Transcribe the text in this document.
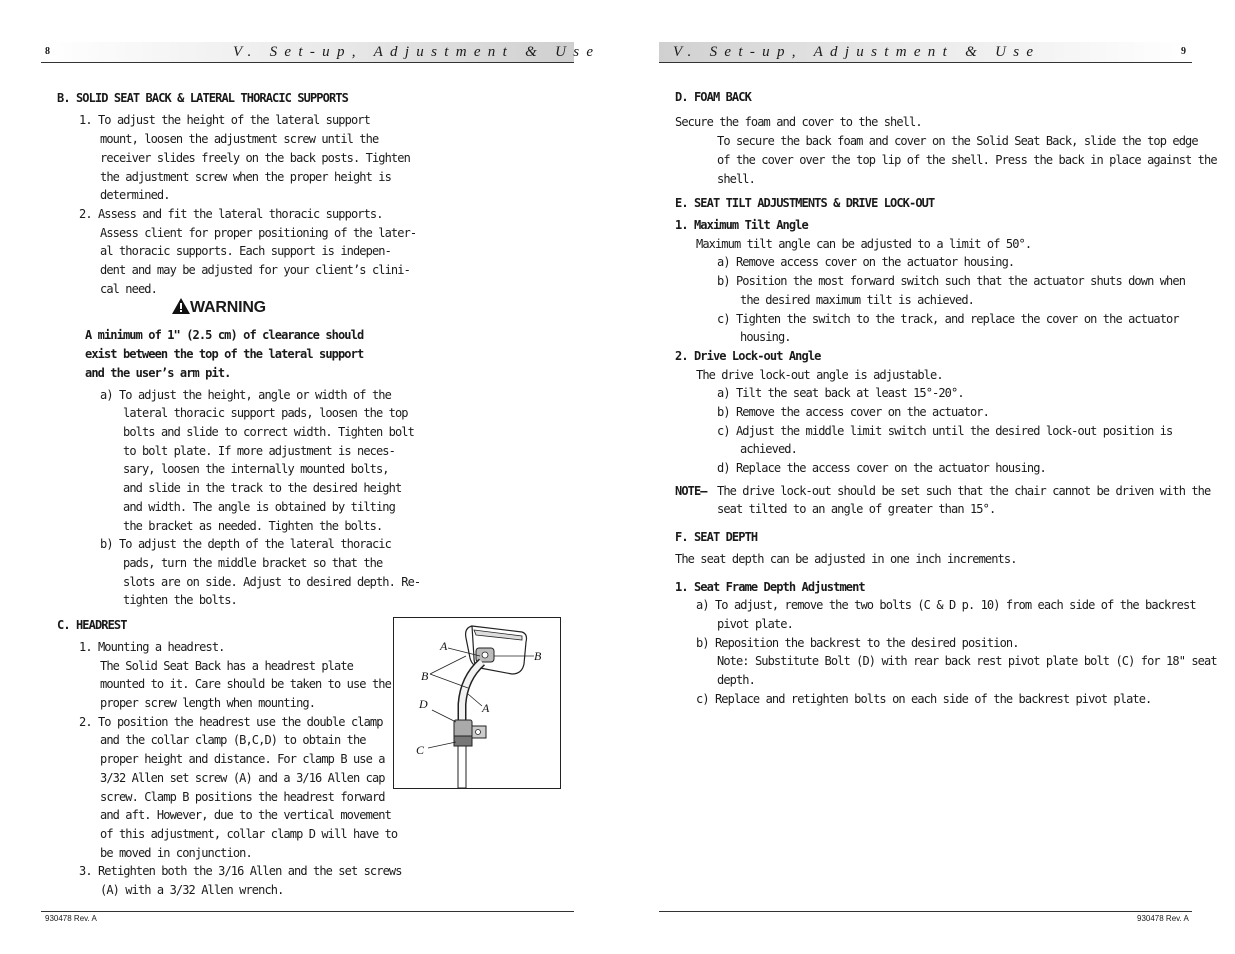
8	V. Set-up, Adjustment & Use	V. Set-up, Adjustment & Use	9
B. SOLID SEAT BACK & LATERAL THORACIC SUPPORTS
1. To adjust the height of the lateral support
mount, loosen the adjustment screw until the
receiver slides freely on the back posts. Tighten
the adjustment screw when the proper height is
determined.
2. Assess and fit the lateral thoracic supports.
Assess client for proper positioning of the later-
al thoracic supports. Each support is indepen-
dent and may be adjusted for your client’s clini-
cal need.
A minimum of 1" (2.5 cm) of clearance should
exist between the top of the lateral support
and the user’s arm pit.
a) To adjust the height, angle or width of the
lateral thoracic support pads, loosen the top
bolts and slide to correct width. Tighten bolt
to bolt plate. If more adjustment is neces-
sary, loosen the internally mounted bolts,
and slide in the track to the desired height
and width. The angle is obtained by tilting
the bracket as needed. Tighten the bolts.
b) To adjust the depth of the lateral thoracic
pads, turn the middle bracket so that the
slots are on side. Adjust to desired depth. Re-
tighten the bolts.
C. HEADREST
1. Mounting a headrest.
The Solid Seat Back has a headrest plate
mounted to it. Care should be taken to use the
proper screw length when mounting.
2. To position the headrest use the double clamp
and the collar clamp (B,C,D) to obtain the
proper height and distance. For clamp B use a
3/32 Allen set screw (A) and a 3/16 Allen cap
screw. Clamp B positions the headrest forward
and aft. However, due to the vertical movement
of this adjustment, collar clamp D will have to
be moved in conjunction.
3. Retighten both the 3/16 Allen and the set screws
(A) with a 3/32 Allen wrench.
D. FOAM BACK
Secure the foam and cover to the shell.
To secure the back foam and cover on the Solid Seat Back, slide the top edge
of the cover over the top lip of the shell. Press the back in place against the
shell.
E. SEAT TILT ADJUSTMENTS & DRIVE LOCK-OUT
1. Maximum Tilt Angle
Maximum tilt angle can be adjusted to a limit of 50°.
a) Remove access cover on the actuator housing.
b) Position the most forward switch such that the actuator shuts down when
the desired maximum tilt is achieved.
c) Tighten the switch to the track, and replace the cover on the actuator
housing.
2. Drive Lock-out Angle
The drive lock-out angle is adjustable.
a) Tilt the seat back at least 15°-20°.
b) Remove the access cover on the actuator.
c) Adjust the middle limit switch until the desired lock-out position is
achieved.
d) Replace the access cover on the actuator housing.
NOTE– The drive lock-out should be set such that the chair cannot be driven with the
seat tilted to an angle of greater than 15°.
F. SEAT DEPTH
The seat depth can be adjusted in one inch increments.
1. Seat Frame Depth Adjustment
a) To adjust, remove the two bolts (C & D p. 10) from each side of the backrest
pivot plate.
b) Reposition the backrest to the desired position.
Note: Substitute Bolt (D) with rear back rest pivot plate bolt (C) for 18" seat
depth.
c) Replace and retighten bolts on each side of the backrest pivot plate.
WARNING
A
B
B
A
D
C
930478 Rev. A	930478 Rev. A
